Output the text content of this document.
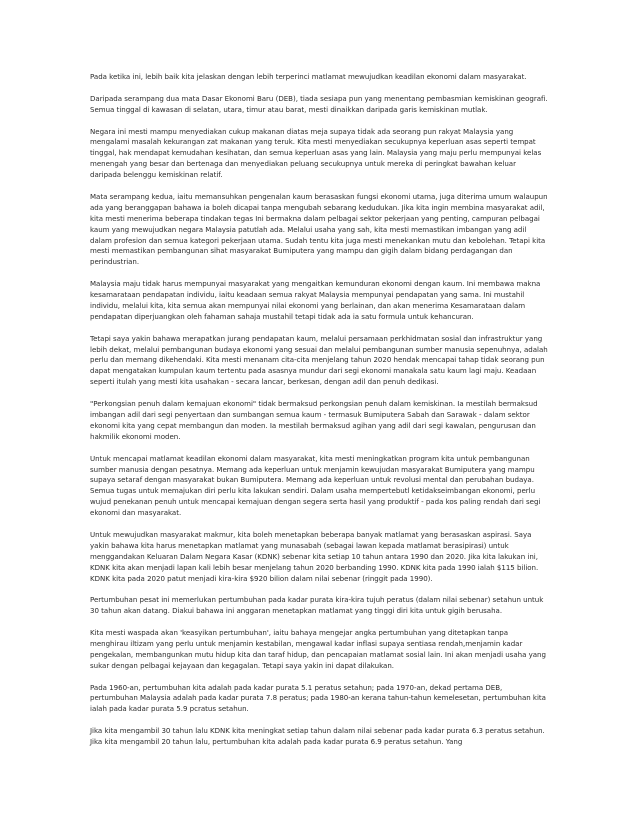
Pada ketika ini, lebih baik kita jelaskan dengan lebih terperinci matlamat mewujudkan keadilan ekonomi dalam masyarakat.

Daripada serampang dua mata Dasar Ekonomi Baru (DEB), tiada sesiapa pun yang menentang pembasmian kemiskinan geografi. Semua tinggal di kawasan di selatan, utara, timur atau barat, mesti dinaikkan daripada garis kemiskinan mutlak.

Negara ini mesti mampu menyediakan cukup makanan diatas meja supaya tidak ada seorang pun rakyat Malaysia yang mengalami masalah kekurangan zat makanan yang teruk. Kita mesti menyediakan secukupnya keperluan asas seperti tempat tinggal, hak mendapat kemudahan kesihatan, dan semua keperluan asas yang lain. Malaysia yang maju perlu mempunyai kelas menengah yang besar dan bertenaga dan menyediakan peluang secukupnya untuk mereka di peringkat bawahan keluar daripada belenggu kemiskinan relatif.

Mata serampang kedua, iaitu memansuhkan pengenalan kaum berasaskan fungsi ekonomi utama, juga diterima umum walaupun ada yang beranggapan bahawa ia boleh dicapai tanpa mengubah sebarang kedudukan. Jika kita ingin membina masyarakat adil, kita mesti menerima beberapa tindakan tegas Ini bermakna dalam pelbagai sektor pekerjaan yang penting, campuran pelbagai kaum yang mewujudkan negara Malaysia patutlah ada. Melalui usaha yang sah, kita mesti memastikan imbangan yang adil dalam profesion dan semua kategori pekerjaan utama. Sudah tentu kita juga mesti menekankan mutu dan kebolehan. Tetapi kita mesti memastikan pembangunan sihat masyarakat Bumiputera yang mampu dan gigih dalam bidang perdagangan dan perindustrian.

Malaysia maju tidak harus mempunyai masyarakat yang mengaitkan kemunduran ekonomi dengan kaum. Ini membawa makna kesamarataan pendapatan individu, iaitu keadaan semua rakyat Malaysia mempunyai pendapatan yang sama. Ini mustahil individu, melalui kita, kita semua akan mempunyai nilai ekonomi yang berlainan, dan akan menerima Kesamarataan dalam pendapatan diperjuangkan oleh fahaman sahaja mustahil tetapi tidak ada ia satu formula untuk kehancuran.

Tetapi saya yakin bahawa merapatkan jurang pendapatan kaum, melalui persamaan perkhidmatan sosial dan infrastruktur yang lebih dekat, melalui pembangunan budaya ekonomi yang sesuai dan melalui pembangunan sumber manusia sepenuhnya, adalah perlu dan memang dikehendaki. Kita mesti menanam cita-cita menjelang tahun 2020 hendak mencapai tahap tidak seorang pun dapat mengatakan kumpulan kaum tertentu pada asasnya mundur dari segi ekonomi manakala satu kaum lagi maju. Keadaan seperti itulah yang mesti kita usahakan - secara lancar, berkesan, dengan adil dan penuh dedikasi.

"Perkongsian penuh dalam kemajuan ekonomi" tidak bermaksud perkongsian penuh dalam kemiskinan. Ia mestilah bermaksud imbangan adil dari segi penyertaan dan sumbangan semua kaum - termasuk Bumiputera Sabah dan Sarawak - dalam sektor ekonomi kita yang cepat membangun dan moden. Ia mestilah bermaksud agihan yang adil dari segi kawalan, pengurusan dan hakmilik ekonomi moden.

Untuk mencapai matlamat keadilan ekonomi dalam masyarakat, kita mesti meningkatkan program kita untuk pembangunan sumber manusia dengan pesatnya. Memang ada keperluan untuk menjamin kewujudan masyarakat Bumiputera yang mampu supaya setaraf dengan masyarakat bukan Bumiputera. Memang ada keperluan untuk revolusi mental dan perubahan budaya. Semua tugas untuk memajukan diri perlu kita lakukan sendiri. Dalam usaha mempertebutl ketidakseimbangan ekonomi, perlu wujud penekanan penuh untuk mencapai kemajuan dengan segera serta hasil yang produktif - pada kos paling rendah dari segi ekonomi dan masyarakat.

Untuk mewujudkan masyarakat makmur, kita boleh menetapkan beberapa banyak matlamat yang berasaskan aspirasi. Saya yakin bahawa kita harus menetapkan matlamat yang munasabah (sebagai lawan kepada matlamat berasipirasi) untuk menggandakan Keluaran Dalam Negara Kasar (KDNK) sebenar kita setiap 10 tahun antara 1990 dan 2020. Jika kita lakukan ini, KDNK kita akan menjadi lapan kali lebih besar menjelang tahun 2020 berbanding 1990. KDNK kita pada 1990 ialah $115 bilion. KDNK kita pada 2020 patut menjadi kira-kira $920 bilion dalam nilai sebenar (ringgit pada 1990).

Pertumbuhan pesat ini memerlukan pertumbuhan pada kadar purata kira-kira tujuh peratus (dalam nilai sebenar) setahun untuk 30 tahun akan datang. Diakui bahawa ini anggaran menetapkan matlamat yang tinggi diri kita untuk gigih berusaha.

Kita mesti waspada akan 'keasyikan pertumbuhan', iaitu bahaya mengejar angka pertumbuhan yang ditetapkan tanpa menghirau iltizam yang perlu untuk menjamin kestabilan, mengawal kadar inflasi supaya sentiasa rendah,menjamin kadar pengekalan, membangunkan mutu hidup kita dan taraf hidup, dan pencapaian matlamat sosial lain. Ini akan menjadi usaha yang sukar dengan pelbagai kejayaan dan kegagalan. Tetapi saya yakin ini dapat dilakukan.

Pada 1960-an, pertumbuhan kita adalah pada kadar purata 5.1 peratus setahun; pada 1970-an, dekad pertama DEB, pertumbuhan Malaysia adalah pada kadar purata 7.8 peratus; pada 1980-an kerana tahun-tahun kemelesetan, pertumbuhan kita ialah pada kadar purata 5.9 pcratus setahun.

Jika kita mengambil 30 tahun lalu KDNK kita meningkat setiap tahun dalam nilai sebenar pada kadar purata 6.3 peratus setahun. Jika kita mengambil 20 tahun lalu, pertumbuhan kita adalah pada kadar purata 6.9 peratus setahun. Yang
